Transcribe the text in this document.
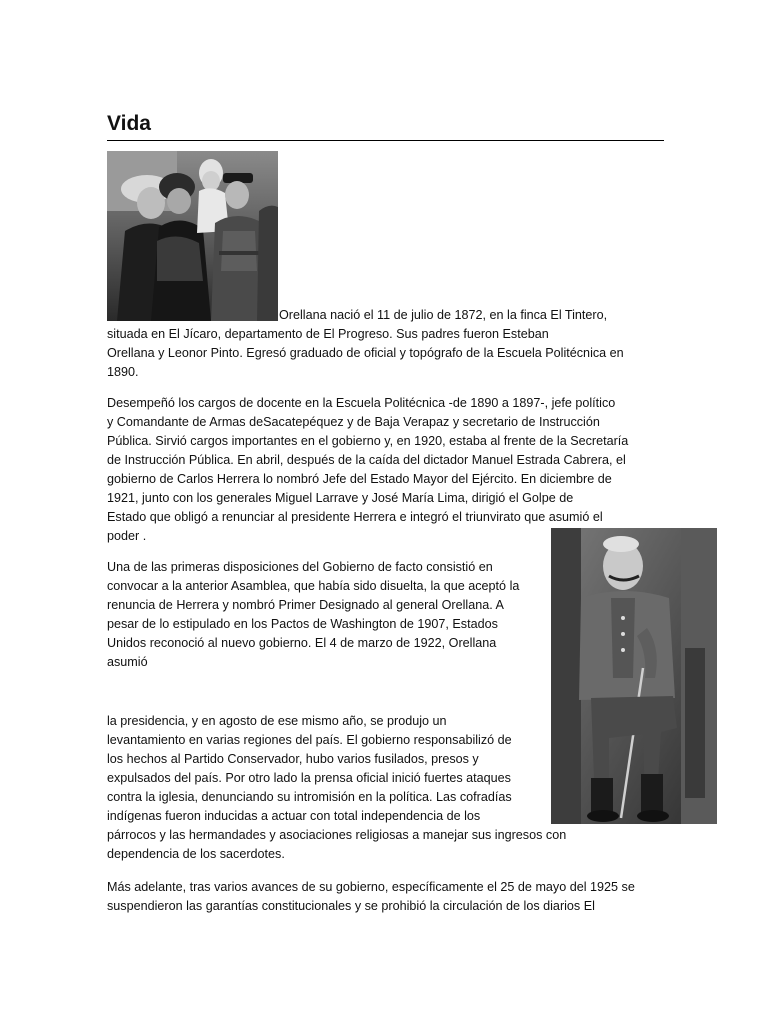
Vida
Orellana nació el 11 de julio de 1872, en la finca El Tintero,
situada en El Jícaro, departamento de El Progreso. Sus padres fueron Esteban
Orellana y Leonor Pinto. Egresó graduado de oficial y topógrafo de la Escuela Politécnica en
1890.
Desempeñó los cargos de docente en la Escuela Politécnica -de 1890 a 1897-, jefe político
y Comandante de Armas deSacatepéquez y de Baja Verapaz y secretario de Instrucción
Pública. Sirvió cargos importantes en el gobierno y, en 1920, estaba al frente de la Secretaría
de Instrucción Pública. En abril, después de la caída del dictador Manuel Estrada Cabrera, el
gobierno de Carlos Herrera lo nombró Jefe del Estado Mayor del Ejército. En diciembre de
1921, junto con los generales Miguel Larrave y José María Lima, dirigió el Golpe de
Estado que obligó a renunciar al presidente Herrera e integró el triunvirato que asumió el
poder .
Una de las primeras disposiciones del Gobierno de facto consistió en
convocar a la anterior Asamblea, que había sido disuelta, la que aceptó la
renuncia de Herrera y nombró Primer Designado al general Orellana. A
pesar de lo estipulado en los Pactos de Washington de 1907, Estados
Unidos reconoció al nuevo gobierno. El 4 de marzo de 1922, Orellana
asumió
la presidencia, y en agosto de ese mismo año, se produjo un
levantamiento en varias regiones del país. El gobierno responsabilizó de
los hechos al Partido Conservador, hubo varios fusilados, presos y
expulsados del país. Por otro lado la prensa oficial inició fuertes ataques
contra la iglesia, denunciando su intromisión en la política. Las cofradías
indígenas fueron inducidas a actuar con total independencia de los
párrocos y las hermandades y asociaciones religiosas a manejar sus ingresos con
dependencia de los sacerdotes.
Más adelante, tras varios avances de su gobierno, específicamente el 25 de mayo del 1925 se
suspendieron las garantías constitucionales y se prohibió la circulación de los diarios El
